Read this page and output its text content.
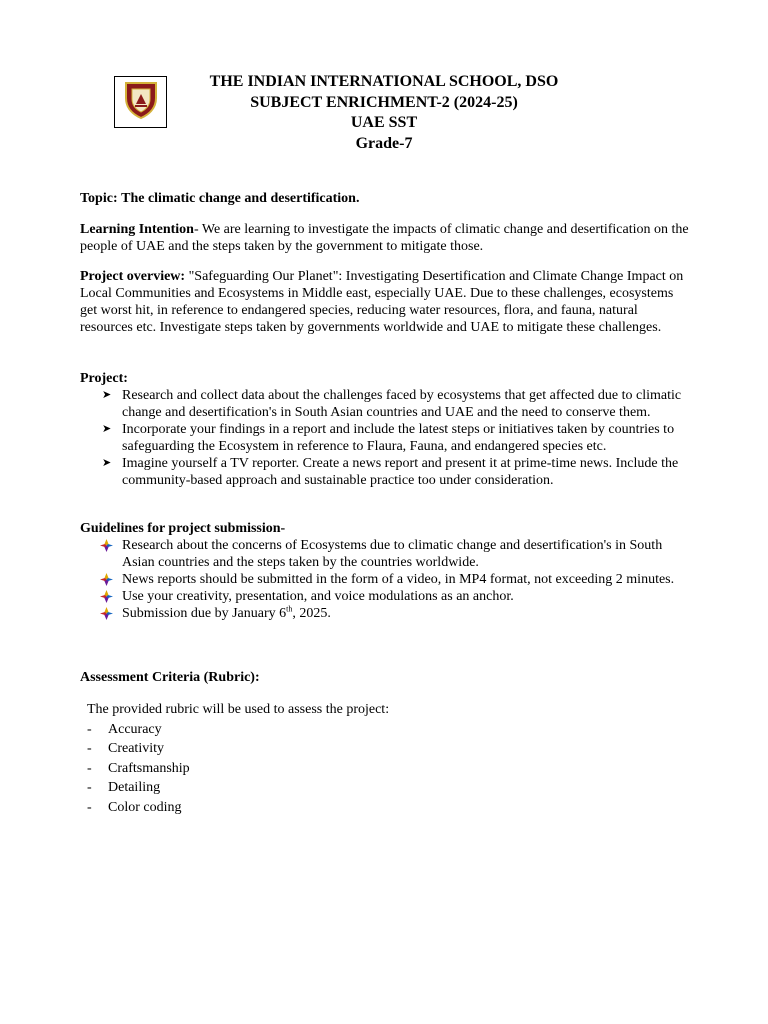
THE INDIAN INTERNATIONAL SCHOOL, DSO
SUBJECT ENRICHMENT-2 (2024-25)
UAE SST
Grade-7
Topic: The climatic change and desertification.
Learning Intention- We are learning to investigate the impacts of climatic change and desertification on the people of UAE and the steps taken by the government to mitigate those.
Project overview: "Safeguarding Our Planet": Investigating Desertification and Climate Change Impact on Local Communities and Ecosystems in Middle east, especially UAE. Due to these challenges, ecosystems get worst hit, in reference to endangered species, reducing water resources, flora, and fauna, natural resources etc. Investigate steps taken by governments worldwide and UAE to mitigate these challenges.
Project:
➤ Research and collect data about the challenges faced by ecosystems that get affected due to climatic change and desertification's in South Asian countries and UAE and the need to conserve them.
➤ Incorporate your findings in a report and include the latest steps or initiatives taken by countries to safeguarding the Ecosystem in reference to Flaura, Fauna, and endangered species etc.
➤ Imagine yourself a TV reporter. Create a news report and present it at prime-time news. Include the community-based approach and sustainable practice too under consideration.
Guidelines for project submission-
Research about the concerns of Ecosystems due to climatic change and desertification's in South Asian countries and the steps taken by the countries worldwide.
News reports should be submitted in the form of a video, in MP4 format, not exceeding 2 minutes.
Use your creativity, presentation, and voice modulations as an anchor.
Submission due by January 6th, 2025.
Assessment Criteria (Rubric):
The provided rubric will be used to assess the project:
- Accuracy
- Creativity
- Craftsmanship
- Detailing
- Color coding
